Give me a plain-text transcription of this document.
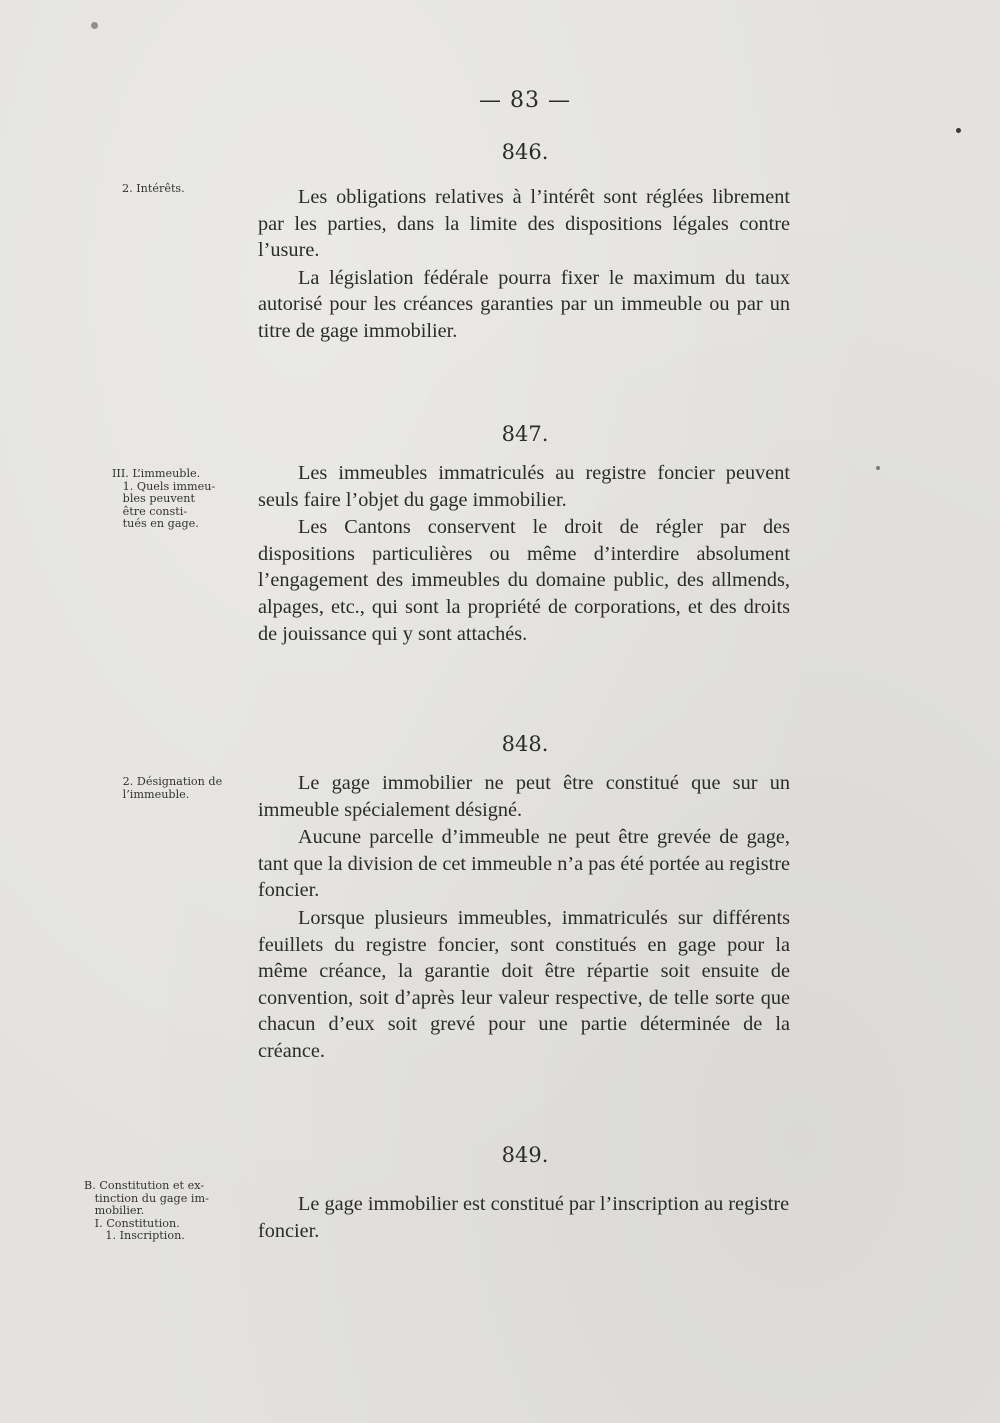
— 83 —
2. Intérêts.
846.

Les obligations relatives à l’intérêt sont réglées librement par les parties, dans la limite des dispositions légales contre l’usure.

La législation fédérale pourra fixer le maximum du taux autorisé pour les créances garanties par un immeuble ou par un titre de gage immobilier.

III. L’immeuble.
1. Quels immeu-
bles peuvent
être consti-
tués en gage.
847.

Les immeubles immatriculés au registre foncier peuvent seuls faire l’objet du gage immobilier.

Les Cantons conservent le droit de régler par des dispositions particulières ou même d’interdire absolument l’engagement des immeubles du domaine public, des allmends, alpages, etc., qui sont la propriété de corporations, et des droits de jouissance qui y sont attachés.

2. Désignation de
l’immeuble.
848.

Le gage immobilier ne peut être constitué que sur un immeuble spécialement désigné.

Aucune parcelle d’immeuble ne peut être grevée de gage, tant que la division de cet immeuble n’a pas été portée au registre foncier.

Lorsque plusieurs immeubles, immatriculés sur différents feuillets du registre foncier, sont constitués en gage pour la même créance, la garantie doit être répartie soit ensuite de convention, soit d’après leur valeur respective, de telle sorte que chacun d’eux soit grevé pour une partie déterminée de la créance.

B. Constitution et ex-
tinction du gage im-
mobilier.
I. Constitution.
1. Inscription.
849.

Le gage immobilier est constitué par l’inscription au registre foncier.
